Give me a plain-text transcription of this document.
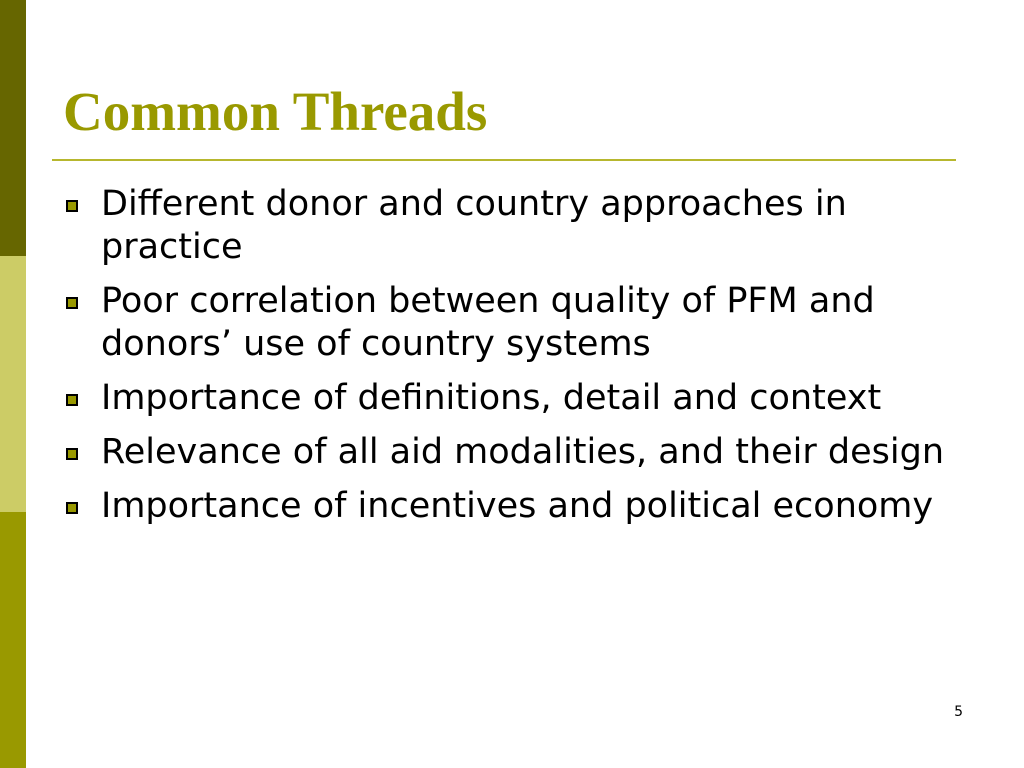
Common Threads
Different donor and country approaches in practice
Poor correlation between quality of PFM and donors’ use of country systems
Importance of definitions, detail and context
Relevance of all aid modalities, and their design
Importance of incentives and political economy
5
